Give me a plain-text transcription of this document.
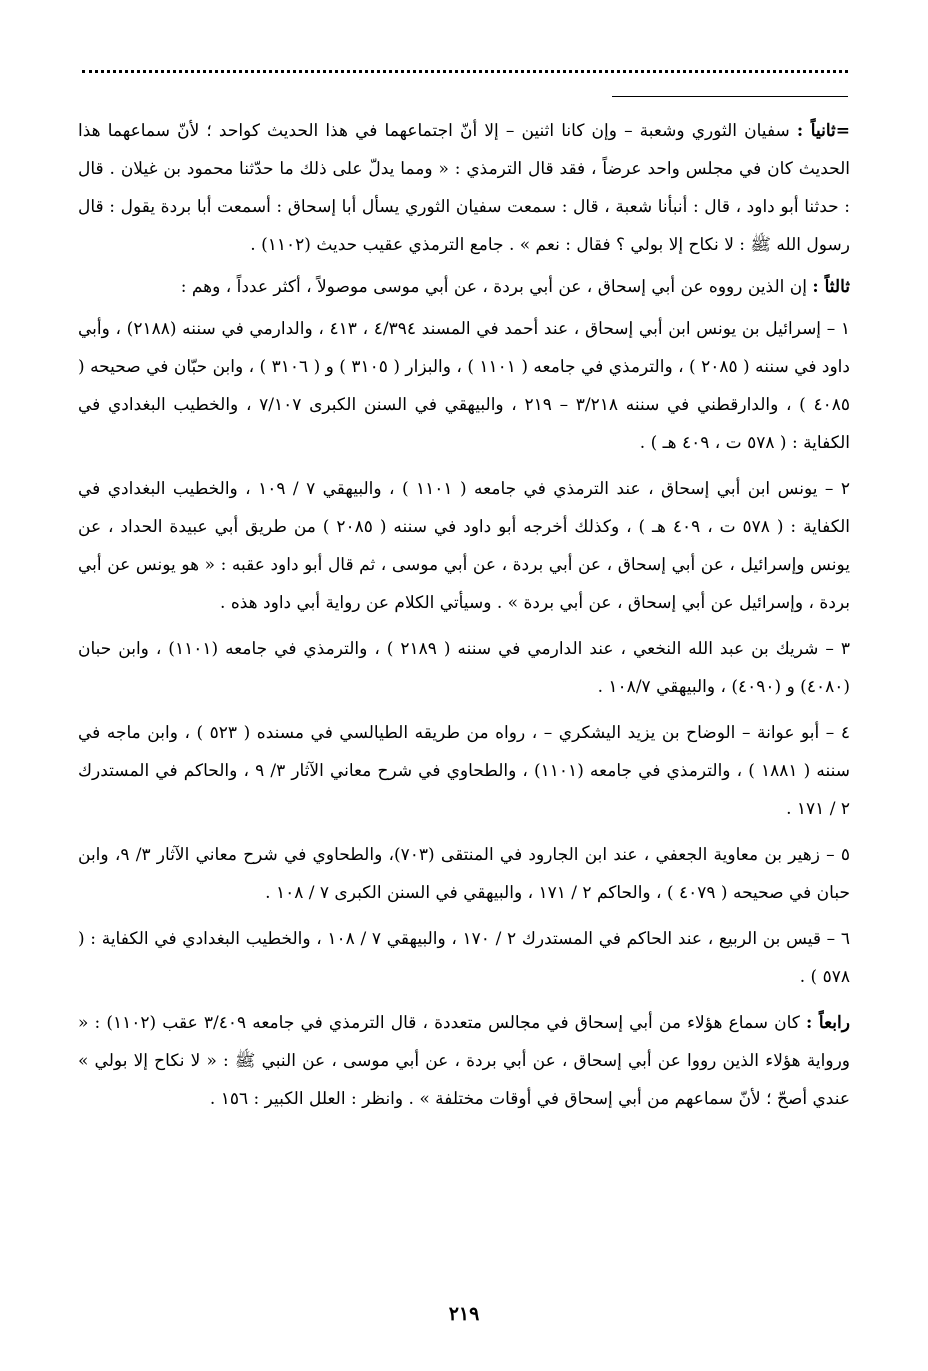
=ثانياً : سفيان الثوري وشعبة – وإن كانا اثنين – إلا أنّ اجتماعهما في هذا الحديث كواحد ؛ لأنّ سماعهما هذا الحديث كان في مجلس واحد عرضاً ، فقد قال الترمذي : « ومما يدلّ على ذلك ما حدّثنا محمود بن غيلان . قال : حدثنا أبو داود ، قال : أنبأنا شعبة ، قال : سمعت سفيان الثوري يسأل أبا إسحاق : أسمعت أبا بردة يقول : قال رسول الله ﷺ : لا نكاح إلا بولي ؟ فقال : نعم » . جامع الترمذي عقيب حديث (١١٠٢) .

ثالثاً : إن الذين رووه عن أبي إسحاق ، عن أبي بردة ، عن أبي موسى موصولاً ، أكثر عدداً ، وهم :

١ – إسرائيل بن يونس ابن أبي إسحاق ، عند أحمد في المسند ٤/٣٩٤ ، ٤١٣ ، والدارمي في سننه (٢١٨٨) ، وأبي داود في سننه ( ٢٠٨٥ ) ، والترمذي في جامعه ( ١١٠١ ) ، والبزار ( ٣١٠٥ ) و ( ٣١٠٦ ) ، وابن حبّان في صحيحه ( ٤٠٨٥ ) ، والدارقطني في سننه ٣/٢١٨ – ٢١٩ ، والبيهقي في السنن الكبرى ٧/١٠٧ ، والخطيب البغدادي في الكفاية : ( ٥٧٨ ت ، ٤٠٩ هـ ) .

٢ – يونس ابن أبي إسحاق ، عند الترمذي في جامعه ( ١١٠١ ) ، والبيهقي ٧ / ١٠٩ ، والخطيب البغدادي في الكفاية : ( ٥٧٨ ت ، ٤٠٩ هـ ) ، وكذلك أخرجه أبو داود في سننه ( ٢٠٨٥ ) من طريق أبي عبيدة الحداد ، عن يونس وإسرائيل ، عن أبي إسحاق ، عن أبي بردة ، عن أبي موسى ، ثم قال أبو داود عقبه : « هو يونس عن أبي بردة ، وإسرائيل عن أبي إسحاق ، عن أبي بردة » . وسيأتي الكلام عن رواية أبي داود هذه .

٣ – شريك بن عبد الله النخعي ، عند الدارمي في سننه ( ٢١٨٩ ) ، والترمذي في جامعه (١١٠١) ، وابن حبان (٤٠٨٠) و (٤٠٩٠) ، والبيهقي ١٠٨/٧ .

٤ – أبو عوانة – الوضاح بن يزيد اليشكري – ، رواه من طريقه الطيالسي في مسنده ( ٥٢٣ ) ، وابن ماجه في سننه ( ١٨٨١ ) ، والترمذي في جامعه (١١٠١) ، والطحاوي في شرح معاني الآثار ٣/ ٩ ، والحاكم في المستدرك ٢ / ١٧١ .

٥ – زهير بن معاوية الجعفي ، عند ابن الجارود في المنتقى (٧٠٣)، والطحاوي في شرح معاني الآثار ٣/ ٩، وابن حبان في صحيحه ( ٤٠٧٩ ) ، والحاكم ٢ / ١٧١ ، والبيهقي في السنن الكبرى ٧ / ١٠٨ .

٦ – قيس بن الربيع ، عند الحاكم في المستدرك ٢ / ١٧٠ ، والبيهقي ٧ / ١٠٨ ، والخطيب البغدادي في الكفاية : ( ٥٧٨ ) .

رابعاً : كان سماع هؤلاء من أبي إسحاق في مجالس متعددة ، قال الترمذي في جامعه ٣/٤٠٩ عقب (١١٠٢) : « ورواية هؤلاء الذين رووا عن أبي إسحاق ، عن أبي بردة ، عن أبي موسى ، عن النبي ﷺ : « لا نكاح إلا بولي » عندي أصحّ ؛ لأنّ سماعهم من أبي إسحاق في أوقات مختلفة » . وانظر : العلل الكبير : ١٥٦ .

٢١٩
